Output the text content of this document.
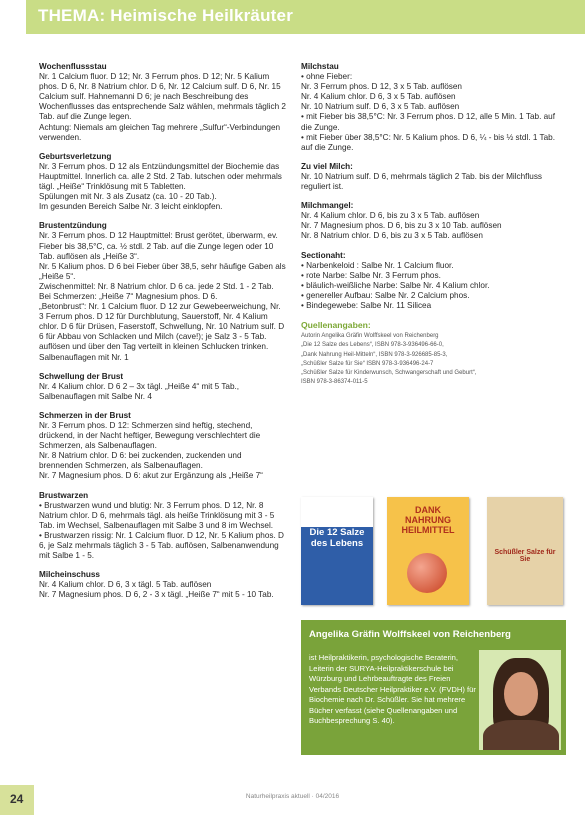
THEMA: Heimische Heilkräuter
Wochenflussstau

Nr. 1 Calcium fluor. D 12; Nr. 3 Ferrum phos. D 12; Nr. 5 Kalium phos. D 6, Nr. 8 Natrium chlor. D 6, Nr. 12 Calcium sulf. D 6, Nr. 15 Calcium sulf. Hahnemanni D 6; je nach Beschreibung des Wochenflusses das entsprechende Salz wählen, mehrmals täglich 2 Tab. auf die Zunge legen.
Achtung: Niemals am gleichen Tag mehrere „Sulfur“-Verbindungen verwenden.

Geburtsverletzung

Nr. 3 Ferrum phos. D 12 als Entzündungsmittel der Biochemie das Hauptmittel. Innerlich ca. alle 2 Std. 2 Tab. lutschen oder mehrmals tägl. „Heiße“ Trinklösung mit 5 Tabletten.
Spülungen mit Nr. 3 als Zusatz (ca. 10 - 20 Tab.).
Im gesunden Bereich Salbe Nr. 3 leicht einklopfen.

Brustentzündung

Nr. 3 Ferrum phos. D 12 Hauptmittel: Brust gerötet, überwarm, ev. Fieber bis 38,5°C, ca. ½ stdl. 2 Tab. auf die Zunge legen oder 10 Tab. auflösen als „Heiße 3“.
Nr. 5 Kalium phos. D 6 bei Fieber über 38,5, sehr häufige Gaben als „Heiße 5“.
Zwischenmittel: Nr. 8 Natrium chlor. D 6 ca. jede 2 Std. 1 - 2 Tab.
Bei Schmerzen: „Heiße 7“ Magnesium phos. D 6.
„Betonbrust“: Nr. 1 Calcium fluor. D 12 zur Gewebeerweichung, Nr. 3 Ferrum phos. D 12 für Durchblutung, Sauerstoff, Nr. 4 Kalium chlor. D 6 für Drüsen, Faserstoff, Schwellung, Nr. 10 Natrium sulf. D 6 für Abbau von Schlacken und Milch (cave!); je Salz 3 - 5 Tab. auflösen und über den Tag verteilt in kleinen Schlucken trinken.
Salbenauflagen mit Nr. 1

Schwellung der Brust

Nr. 4 Kalium chlor. D 6 2 – 3x tägl. „Heiße 4“ mit 5 Tab., Salbenauflagen mit Salbe Nr. 4

Schmerzen in der Brust

Nr. 3 Ferrum phos. D 12: Schmerzen sind heftig, stechend, drückend, in der Nacht heftiger, Bewegung verschlechtert die Schmerzen, als Salbenauflagen.
Nr. 8 Natrium chlor. D 6: bei zuckenden, zuckenden und brennenden Schmerzen, als Salbenauflagen.
Nr. 7 Magnesium phos. D 6: akut zur Ergänzung als „Heiße 7“

Brustwarzen

• Brustwarzen wund und blutig: Nr. 3 Ferrum phos. D 12, Nr. 8 Natrium chlor. D 6, mehrmals tägl. als heiße Trinklösung mit 3 - 5 Tab. im Wechsel, Salbenauflagen mit Salbe 3 und 8 im Wechsel.
• Brustwarzen rissig: Nr. 1 Calcium fluor. D 12, Nr. 5 Kalium phos. D 6, je Salz mehrmals täglich 3 - 5 Tab. auflösen, Salbenanwendung mit Salbe 1 - 5.

Milcheinschuss

Nr. 4 Kalium chlor. D 6, 3 x tägl. 5 Tab. auflösen
Nr. 7 Magnesium phos. D 6, 2 - 3 x tägl. „Heiße 7“ mit 5 - 10 Tab.

Milchstau

• ohne Fieber:
Nr. 3 Ferrum phos. D 12, 3 x 5 Tab. auflösen
Nr. 4 Kalium chlor. D 6, 3 x 5 Tab. auflösen
Nr. 10 Natrium sulf. D 6, 3 x 5 Tab. auflösen
• mit Fieber bis 38,5°C: Nr. 3 Ferrum phos. D 12, alle 5 Min. 1 Tab. auf die Zunge.
• mit Fieber über 38,5°C: Nr. 5 Kalium phos. D 6, ¼ - bis ½ stdl. 1 Tab. auf die Zunge.

Zu viel Milch:

Nr. 10 Natrium sulf. D 6, mehrmals täglich 2 Tab. bis der Milchfluss reguliert ist.

Milchmangel:

Nr. 4 Kalium chlor. D 6, bis zu 3 x 5 Tab. auflösen
Nr. 7 Magnesium phos. D 6, bis zu 3 x 10 Tab. auflösen
Nr. 8 Natrium chlor. D 6, bis zu 3 x 5 Tab. auflösen

Sectionaht:

• Narbenkeloid : Salbe Nr. 1 Calcium fluor.
• rote Narbe: Salbe Nr. 3 Ferrum phos.
• bläulich-weißliche Narbe: Salbe Nr. 4 Kalium chlor.
• genereller Aufbau: Salbe Nr. 2 Calcium phos.
• Bindegewebe: Salbe Nr. 11 Silicea

Quellenangaben:
Autorin Angelika Gräfin Wolffskeel von Reichenberg
„Die 12 Salze des Lebens“, ISBN 978-3-936496-66-0,
„Dank Nahrung Heil-Mitteln“, ISBN 978-3-926685-85-3,
„Schüßler Salze für Sie“ ISBN 978-3-936496-24-7
„Schüßler Salze für Kinderwunsch, Schwangerschaft und Geburt“,
ISBN 978-3-86374-011-5
Die 12 Salze des Lebens
DANK NAHRUNG HEILMITTEL
Schüßler Salze für Sie
Angelika Gräfin Wolffskeel von Reichenberg

ist Heilpraktikerin, psychologische Beraterin, Leiterin der SURYA-Heilpraktikerschule bei Würzburg und Lehrbeauftragte des Freien Verbands Deutscher Heilpraktiker e.V. (FVDH) für Biochemie nach Dr. Schüßler. Sie hat mehrere Bücher verfasst (siehe Quellenangaben und Buchbesprechung S. 40).

24	Naturheilpraxis aktuell · 04/2016
